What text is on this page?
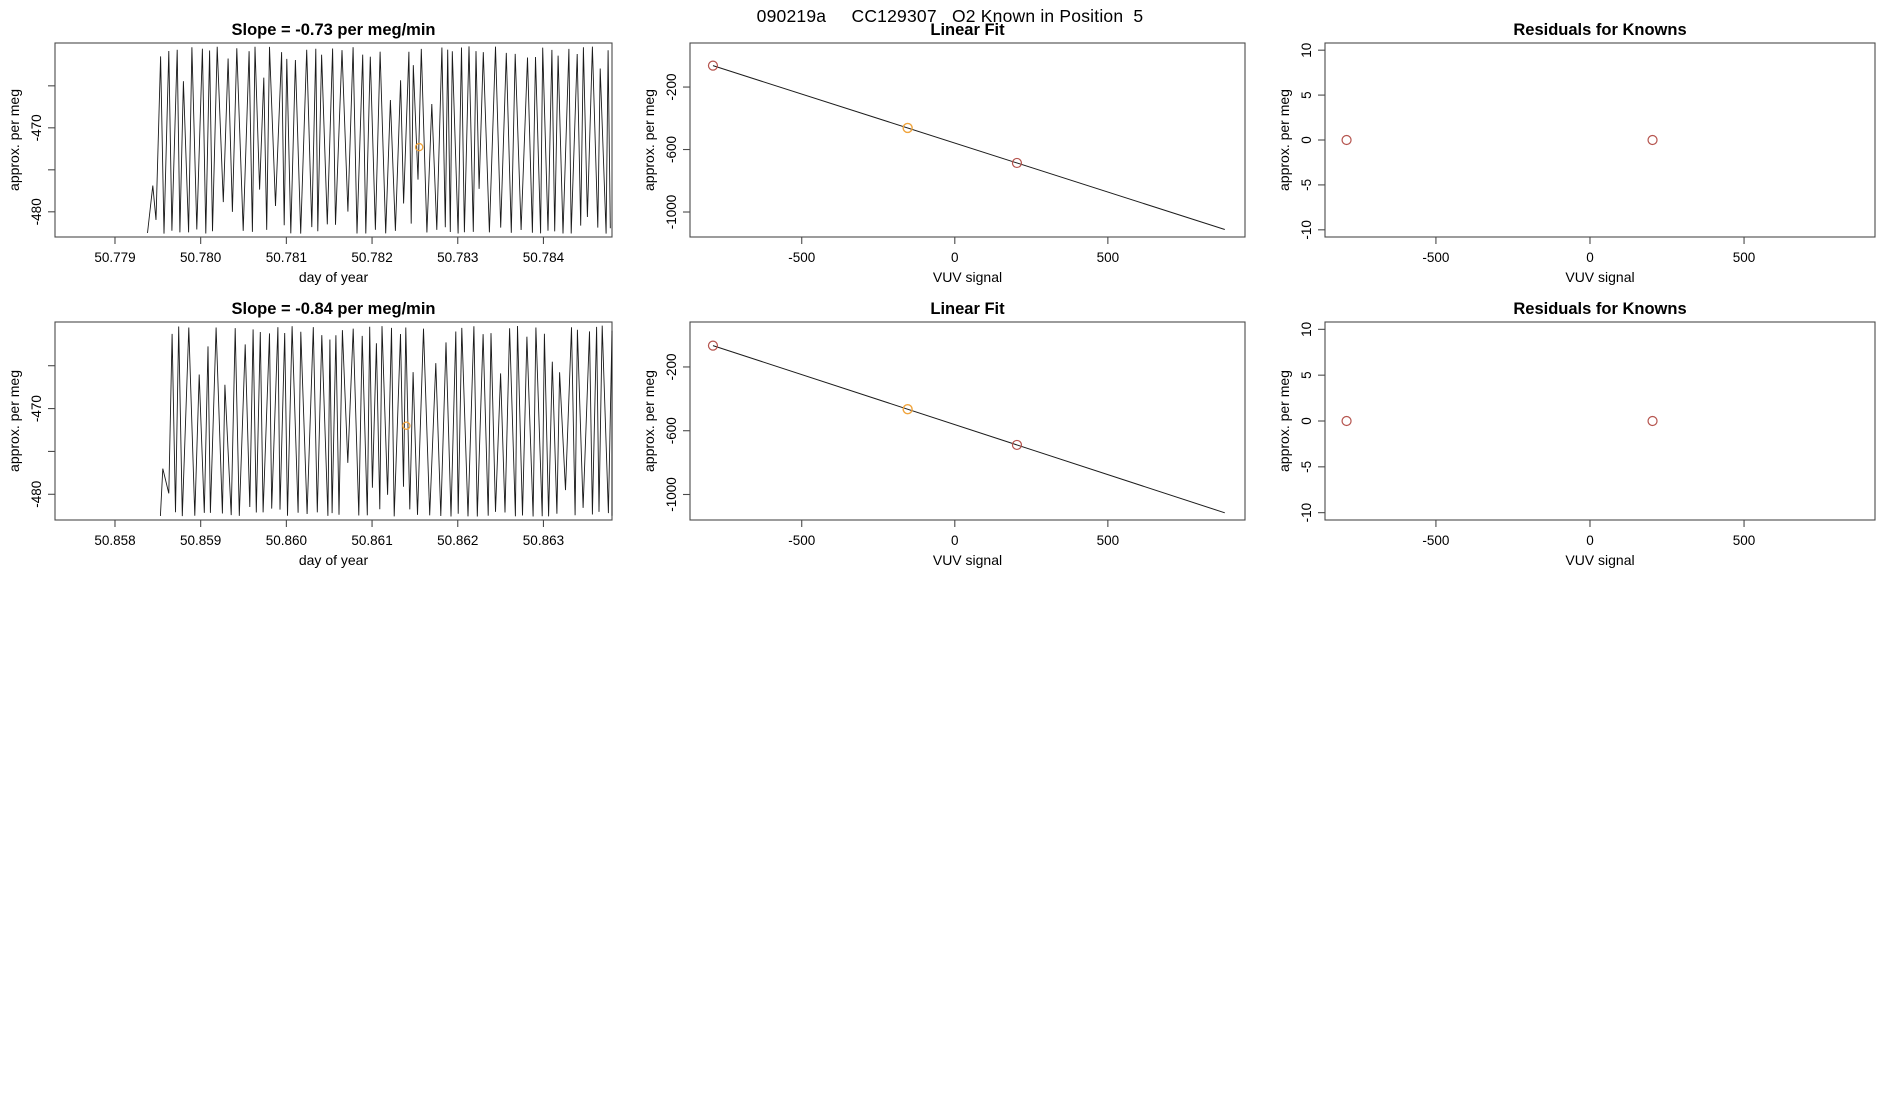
090219a     CC129307   O2 Known in Position  5
Slope = -0.73 per meg/min
day of year
approx. per meg
50.779	50.780	50.781	50.782	50.783	50.784
-470
-480
Linear Fit
VUV signal
approx. per meg
-500	0	500
-200
-600
-1000
Residuals for Knowns
VUV signal
approx. per meg
-500	0	500
10
5
0
-5
-10
Slope = -0.84 per meg/min
day of year
approx. per meg
50.858	50.859	50.860	50.861	50.862	50.863
-470
-480
Linear Fit
VUV signal
approx. per meg
-500	0	500
-200
-600
-1000
Residuals for Knowns
VUV signal
approx. per meg
-500	0	500
10
5
0
-5
-10
